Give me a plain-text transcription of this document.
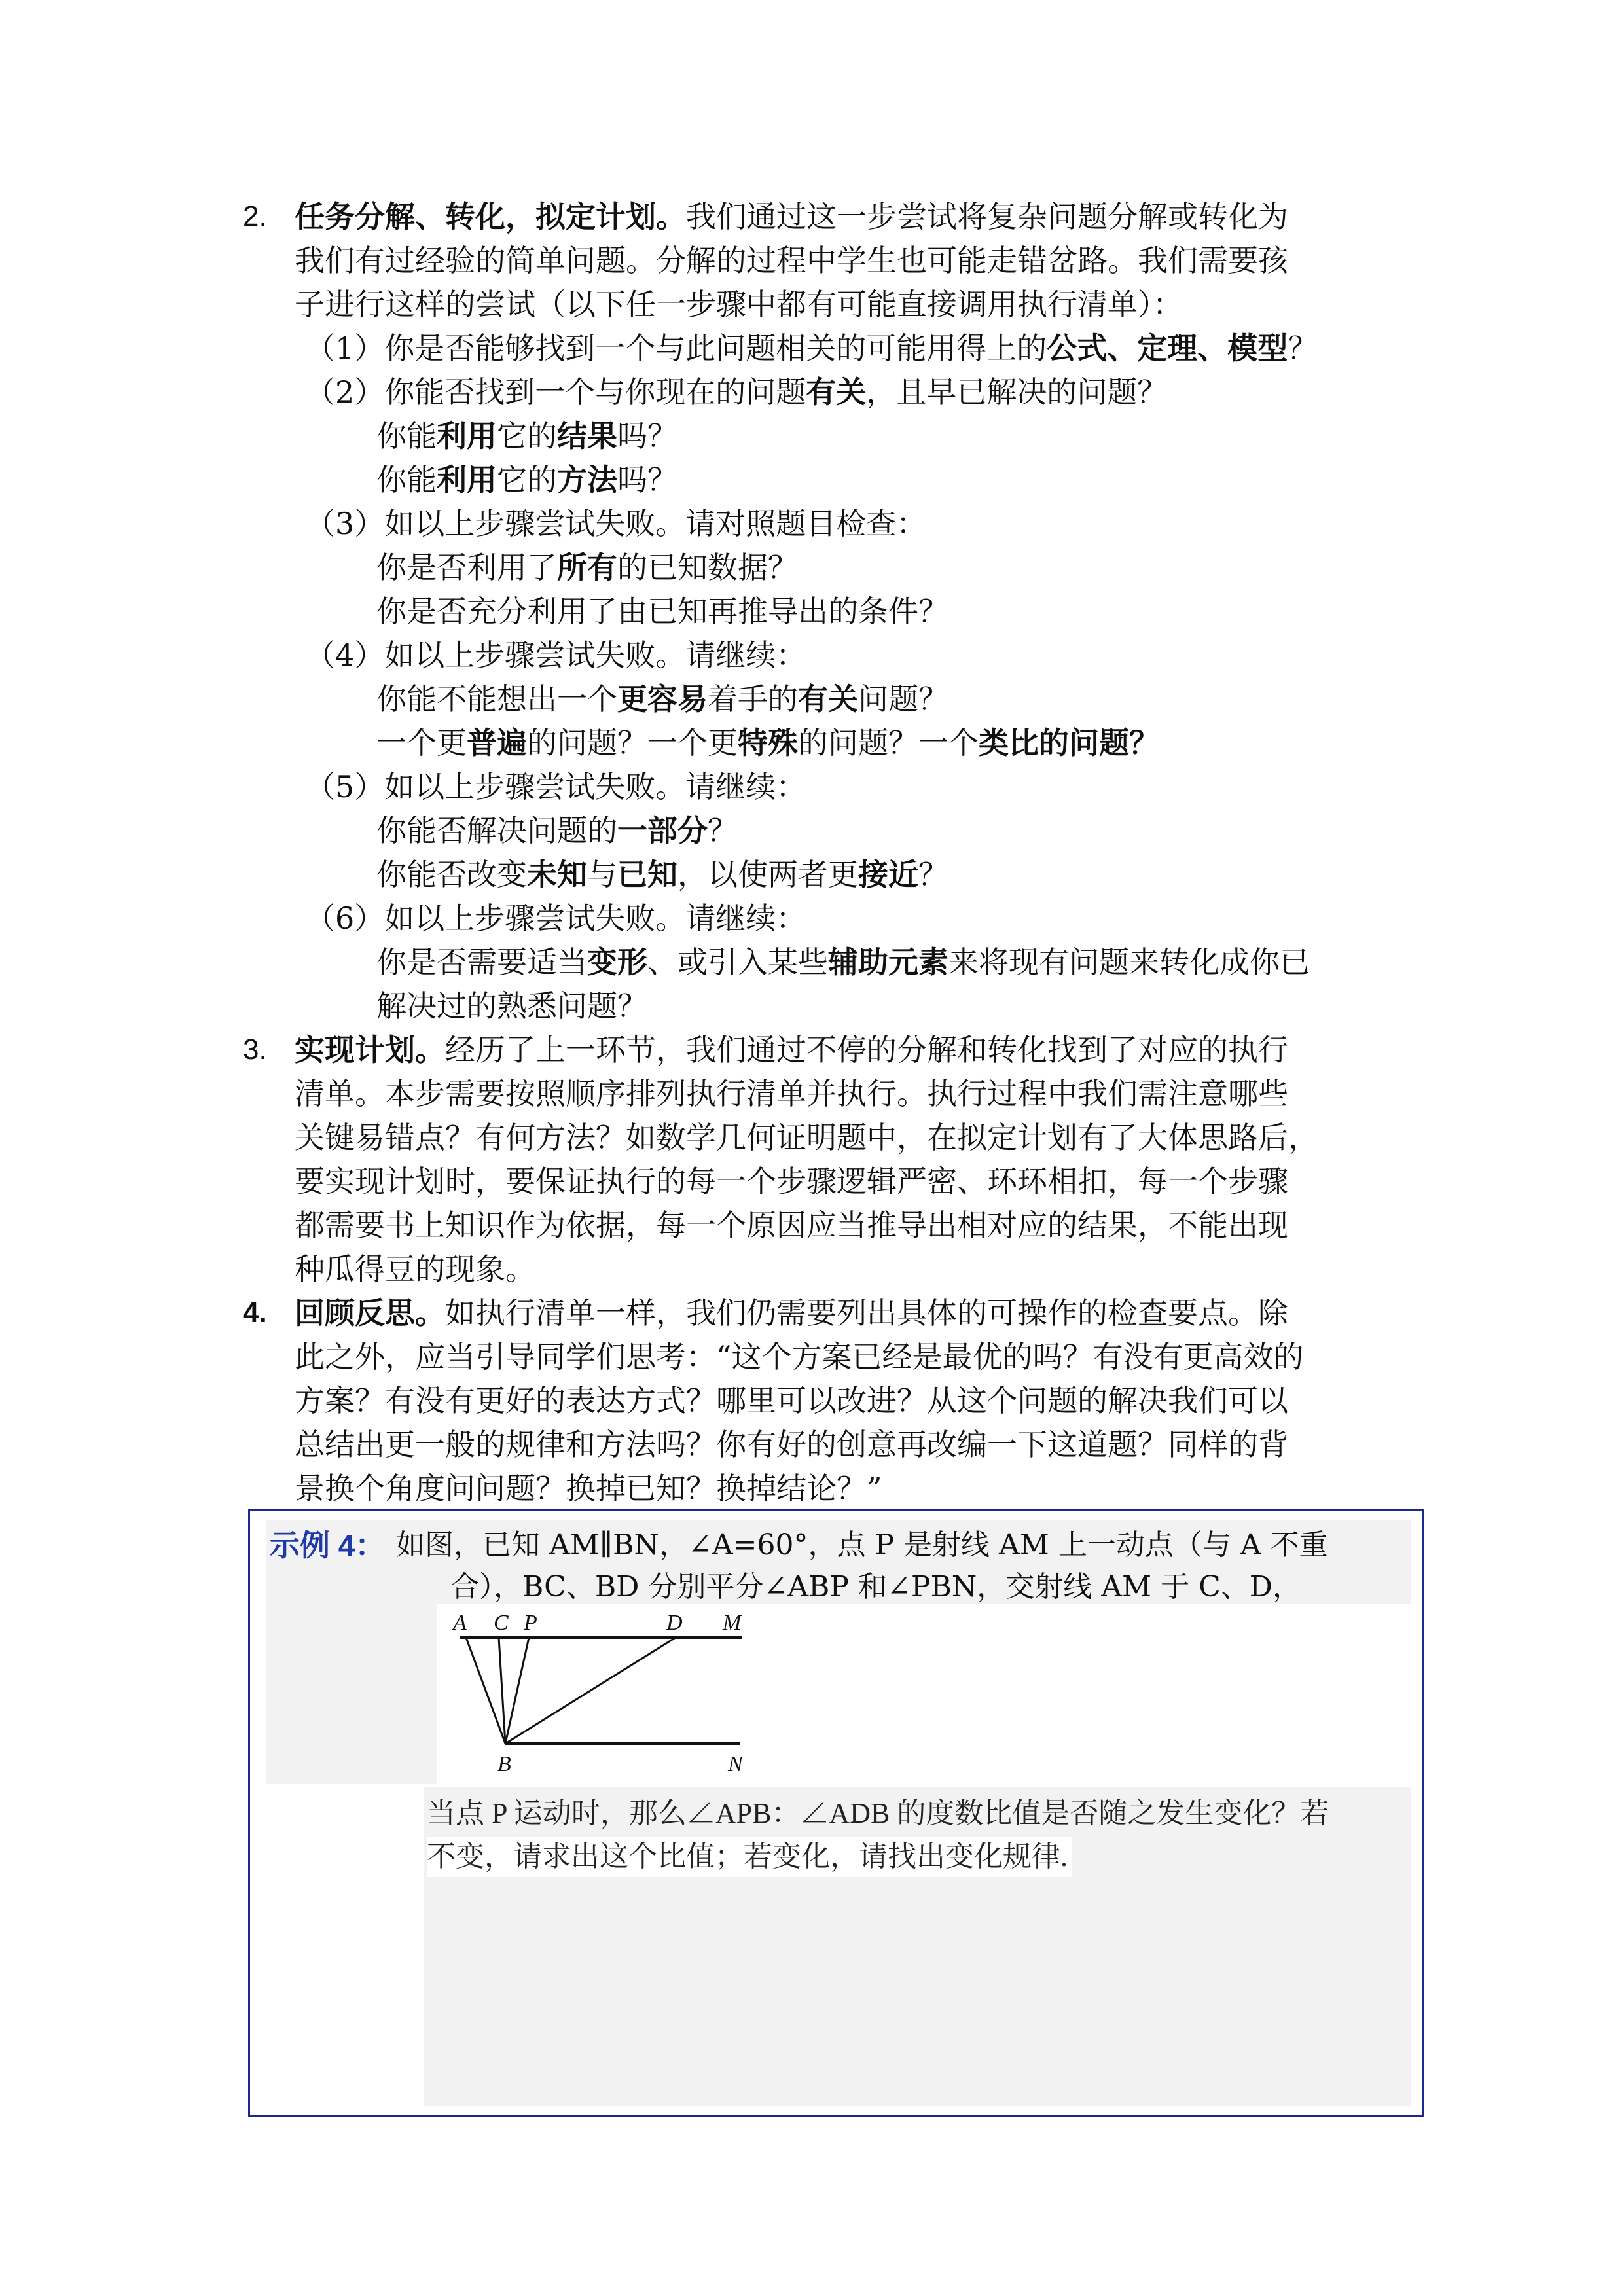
2. 任务分解、转化，拟定计划。我们通过这一步尝试将复杂问题分解或转化为
我们有过经验的简单问题。分解的过程中学生也可能走错岔路。我们需要孩
子进行这样的尝试（以下任一步骤中都有可能直接调用执行清单）：
（1）你是否能够找到一个与此问题相关的可能用得上的公式、定理、模型？
（2）你能否找到一个与你现在的问题有关，且早已解决的问题？
你能利用它的结果吗？
你能利用它的方法吗？
（3）如以上步骤尝试失败。请对照题目检查：
你是否利用了所有的已知数据？
你是否充分利用了由已知再推导出的条件？
（4）如以上步骤尝试失败。请继续：
你能不能想出一个更容易着手的有关问题？
一个更普遍的问题？一个更特殊的问题？一个类比的问题？
（5）如以上步骤尝试失败。请继续：
你能否解决问题的一部分？
你能否改变未知与已知，以使两者更接近？
（6）如以上步骤尝试失败。请继续：
你是否需要适当变形、或引入某些辅助元素来将现有问题来转化成你已
解决过的熟悉问题？
3. 实现计划。经历了上一环节，我们通过不停的分解和转化找到了对应的执行
清单。本步需要按照顺序排列执行清单并执行。执行过程中我们需注意哪些
关键易错点？有何方法？如数学几何证明题中，在拟定计划有了大体思路后，
要实现计划时，要保证执行的每一个步骤逻辑严密、环环相扣，每一个步骤
都需要书上知识作为依据，每一个原因应当推导出相对应的结果，不能出现
种瓜得豆的现象。
4. 回顾反思。如执行清单一样，我们仍需要列出具体的可操作的检查要点。除
此之外，应当引导同学们思考：“这个方案已经是最优的吗？有没有更高效的
方案？有没有更好的表达方式？哪里可以改进？从这个问题的解决我们可以
总结出更一般的规律和方法吗？你有好的创意再改编一下这道题？同样的背
景换个角度问问题？换掉已知？换掉结论？”
示例 4： 如图，已知 AM∥BN，∠A=60°，点 P 是射线 AM 上一动点（与 A 不重
合），BC、BD 分别平分∠ABP 和∠PBN，交射线 AM 于 C、D，
A C P	D M
B	N
当点 P 运动时，那么∠APB：∠ADB 的度数比值是否随之发生变化？若
不变，请求出这个比值；若变化，请找出变化规律.
